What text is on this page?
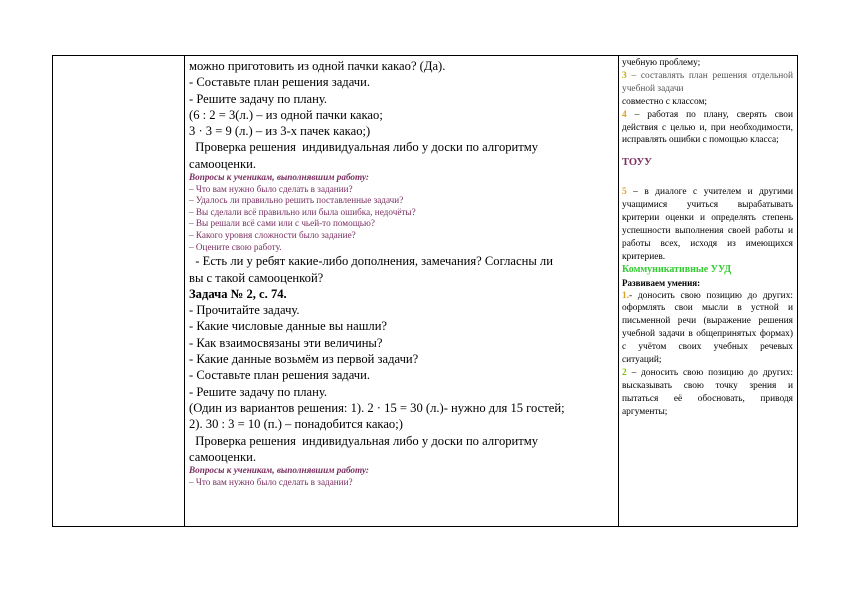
можно приготовить из одной пачки какао? (Да).
- Составьте план решения задачи.
- Решите задачу по плану.
(6 : 2 = 3(л.) – из одной пачки какао;
3 · 3 = 9 (л.) – из 3-х пачек какао;)
Проверка решения  индивидуальная либо у доски по алгоритму
самооценки.
Вопросы к ученикам, выполнявшим работу:
– Что вам нужно было сделать в задании?
– Удалось ли правильно решить поставленные задачи?
– Вы сделали всё правильно или была ошибка, недочёты?
– Вы решали всё сами или с чьей-то помощью?
– Какого уровня сложности было задание?
– Оцените свою работу.
- Есть ли у ребят какие-либо дополнения, замечания? Согласны ли
вы с такой самооценкой?
Задача № 2, с. 74.
- Прочитайте задачу.
- Какие числовые данные вы нашли?
- Как взаимосвязаны эти величины?
- Какие данные возьмём из первой задачи?
- Составьте план решения задачи.
- Решите задачу по плану.
(Один из вариантов решения: 1). 2 · 15 = 30 (л.)- нужно для 15 гостей;
2). 30 : 3 = 10 (п.) – понадобится какао;)
Проверка решения  индивидуальная либо у доски по алгоритму
самооценки.
Вопросы к ученикам, выполнявшим работу:
– Что вам нужно было сделать в задании?

учебную проблему;

3 – составлять план решения отдельной учебной задачи

совместно с классом;

4 – работая по плану, сверять свои действия с целью и, при необходимости, исправлять ошибки с помощью класса;

ТОУУ

5 – в диалоге с учителем и другими учащимися учиться вырабатывать критерии оценки и определять степень успешности выполнения своей работы и работы всех, исходя из имеющихся критериев.

Коммуникативные УУД
Развиваем умения:

1.- доносить свою позицию до других: оформлять свои мысли в устной и письменной речи (выражение решения учебной задачи в общепринятых формах) с учётом своих учебных речевых ситуаций;

2 – доносить свою позицию до других: высказывать свою точку зрения и пытаться её обосновать, приводя аргументы;
